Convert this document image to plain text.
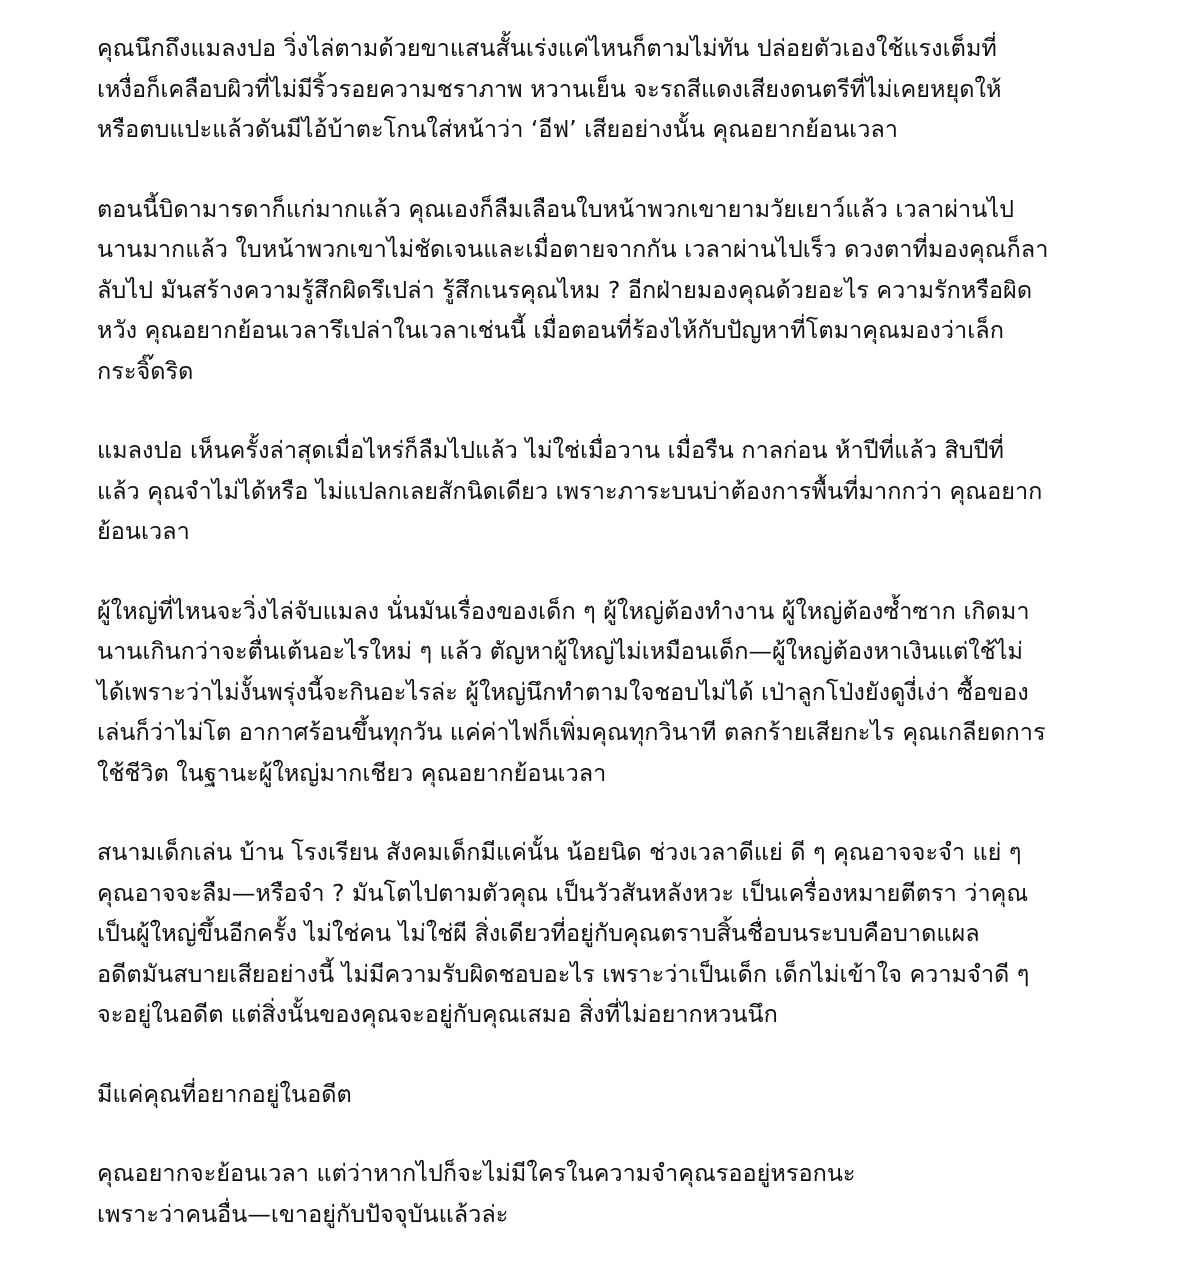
คุณนึกถึงแมลงปอ วิ่งไล่ตามด้วยขาแสนสั้นเร่งแค่ไหนก็ตามไม่ทัน ปล่อยตัวเองใช้แรงเต็มที่
เหงื่อก็เคลือบผิวที่ไม่มีริ้วรอยความชราภาพ หวานเย็น จะรถสีแดงเสียงดนตรีที่ไม่เคยหยุดให้
หรือตบแปะแล้วดันมีไอ้บ้าตะโกนใส่หน้าว่า ‘อีฟ’ เสียอย่างนั้น คุณอยากย้อนเวลา
ตอนนี้บิดามารดาก็แก่มากแล้ว คุณเองก็ลืมเลือนใบหน้าพวกเขายามวัยเยาว์แล้ว เวลาผ่านไป
นานมากแล้ว ใบหน้าพวกเขาไม่ชัดเจนและเมื่อตายจากกัน เวลาผ่านไปเร็ว ดวงตาที่มองคุณก็ลา
ลับไป มันสร้างความรู้สึกผิดรึเปล่า รู้สึกเนรคุณไหม ? อีกฝ่ายมองคุณด้วยอะไร ความรักหรือผิด
หวัง คุณอยากย้อนเวลารึเปล่าในเวลาเช่นนี้ เมื่อตอนที่ร้องไห้กับปัญหาที่โตมาคุณมองว่าเล็ก
กระจิ๊ดริด
แมลงปอ เห็นครั้งล่าสุดเมื่อไหร่ก็ลืมไปแล้ว ไม่ใช่เมื่อวาน เมื่อรืน กาลก่อน ห้าปีที่แล้ว สิบปีที่
แล้ว คุณจำไม่ได้หรือ ไม่แปลกเลยสักนิดเดียว เพราะภาระบนบ่าต้องการพื้นที่มากกว่า คุณอยาก
ย้อนเวลา
ผู้ใหญ่ที่ไหนจะวิ่งไล่จับแมลง นั่นมันเรื่องของเด็ก ๆ ผู้ใหญ่ต้องทำงาน ผู้ใหญ่ต้องซ้ำซาก เกิดมา
นานเกินกว่าจะตื่นเต้นอะไรใหม่ ๆ แล้ว ตัญหาผู้ใหญ่ไม่เหมือนเด็ก—ผู้ใหญ่ต้องหาเงินแต่ใช้ไม่
ได้เพราะว่าไม่งั้นพรุ่งนี้จะกินอะไรล่ะ ผู้ใหญ่นึกทำตามใจชอบไม่ได้ เป่าลูกโป่งยังดูงี่เง่า ซื้อของ
เล่นก็ว่าไม่โต อากาศร้อนขึ้นทุกวัน แค่ค่าไฟก็เพิ่มคุณทุกวินาที ตลกร้ายเสียกะไร คุณเกลียดการ
ใช้ชีวิต ในฐานะผู้ใหญ่มากเชียว คุณอยากย้อนเวลา
สนามเด็กเล่น บ้าน โรงเรียน สังคมเด็กมีแค่นั้น น้อยนิด ช่วงเวลาดีแย่ ดี ๆ คุณอาจจะจำ แย่ ๆ
คุณอาจจะลืม—หรือจำ ? มันโตไปตามตัวคุณ เป็นวัวสันหลังหวะ เป็นเครื่องหมายตีตรา ว่าคุณ
เป็นผู้ใหญ่ขึ้นอีกครั้ง ไม่ใช่คน ไม่ใช่ผี สิ่งเดียวที่อยู่กับคุณตราบสิ้นชื่อบนระบบคือบาดแผล
อดีตมันสบายเสียอย่างนี้ ไม่มีความรับผิดชอบอะไร เพราะว่าเป็นเด็ก เด็กไม่เข้าใจ ความจำดี ๆ
จะอยู่ในอดีต แต่สิ่งนั้นของคุณจะอยู่กับคุณเสมอ สิ่งที่ไม่อยากหวนนึก
มีแค่คุณที่อยากอยู่ในอดีต
คุณอยากจะย้อนเวลา แต่ว่าหากไปก็จะไม่มีใครในความจำคุณรออยู่หรอกนะ
เพราะว่าคนอื่น—เขาอยู่กับปัจจุบันแล้วล่ะ
